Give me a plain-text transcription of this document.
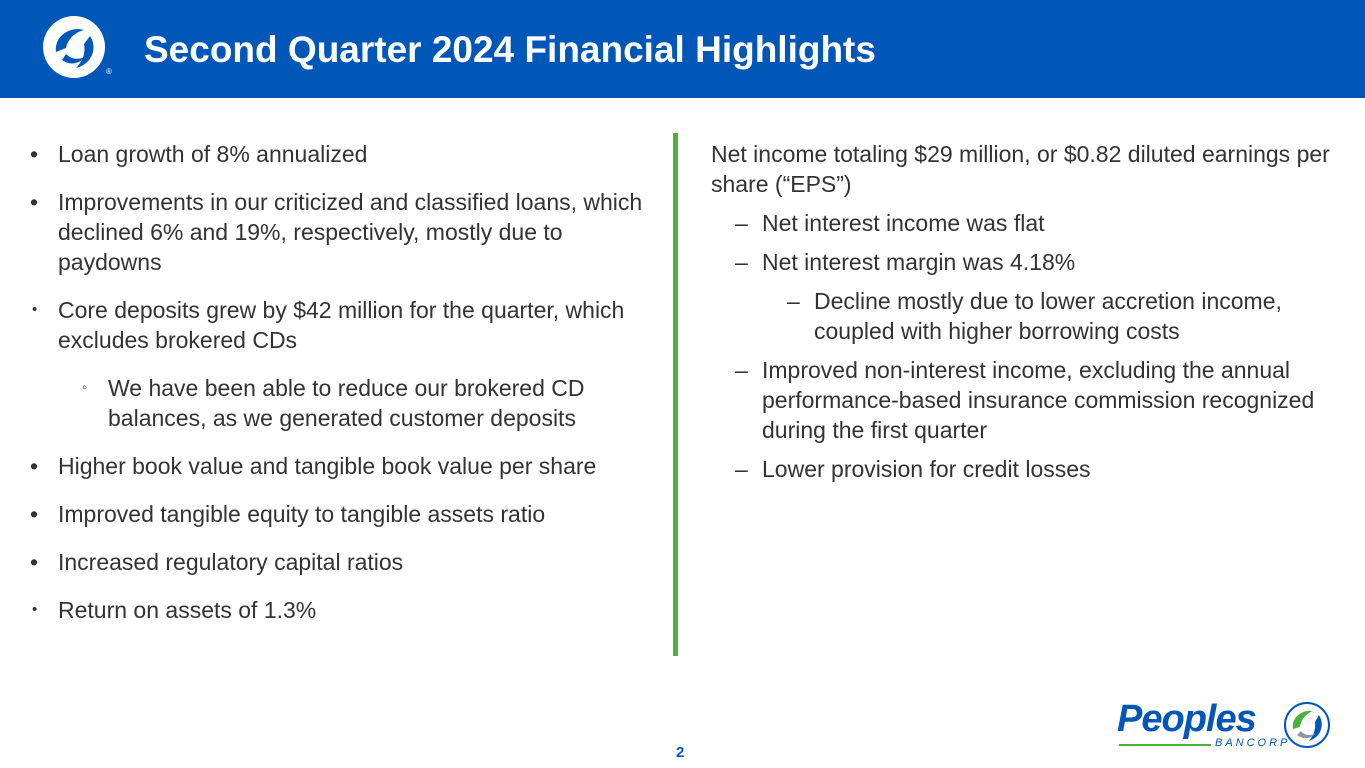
®
Second Quarter 2024 Financial Highlights
• Loan growth of 8% annualized
• Improvements in our criticized and classified loans, which declined 6% and 19%, respectively, mostly due to paydowns
• Core deposits grew by $42 million for the quarter, which excludes brokered CDs
◦ We have been able to reduce our brokered CD balances, as we generated customer deposits
• Higher book value and tangible book value per share
• Improved tangible equity to tangible assets ratio
• Increased regulatory capital ratios
• Return on assets of 1.3%
Net income totaling $29 million, or $0.82 diluted earnings per share (“EPS”)
– Net interest income was flat
– Net interest margin was 4.18%
– Decline mostly due to lower accretion income, coupled with higher borrowing costs
– Improved non-interest income, excluding the annual performance-based insurance commission recognized during the first quarter
– Lower provision for credit losses
2
Peoples
BANCORP
